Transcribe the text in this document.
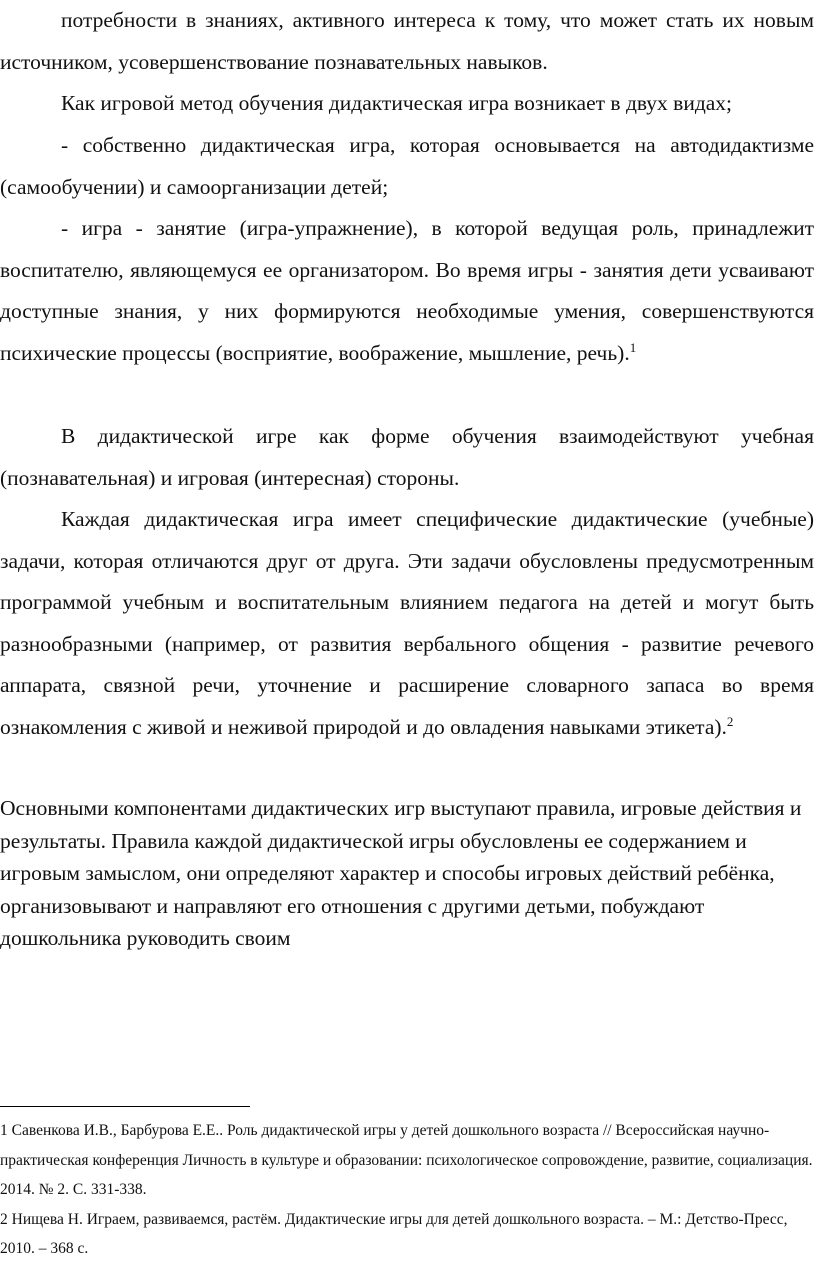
потребности в знаниях, активного интереса к тому, что может стать их новым источником, усовершенствование познавательных навыков.

Как игровой метод обучения дидактическая игра возникает в двух видах;

- собственно дидактическая игра, которая основывается на автодидактизме (самообучении) и самоорганизации детей;

- игра - занятие (игра-упражнение), в которой ведущая роль, принадлежит воспитателю, являющемуся ее организатором. Во время игры - занятия дети усваивают доступные знания, у них формируются необходимые умения, совершенствуются психические процессы (восприятие, воображение, мышление, речь).$^1$

В дидактической игре как форме обучения взаимодействуют учебная (познавательная) и игровая (интересная) стороны.

Каждая дидактическая игра имеет специфические дидактические (учебные) задачи, которая отличаются друг от друга. Эти задачи обусловлены предусмотренным программой учебным и воспитательным влиянием педагога на детей и могут быть разнообразными (например, от развития вербального общения - развитие речевого аппарата, связной речи, уточнение и расширение словарного запаса во время ознакомления с живой и неживой природой и до овладения навыками этикета).$^2$

Основными компонентами дидактических игр выступают правила, игровые действия и результаты. Правила каждой дидактической игры обусловлены ее содержанием и игровым замыслом, они определяют характер и способы игровых действий ребёнка, организовывают и направляют его отношения с другими детьми, побуждают дошкольника руководить своим

1 Савенкова И.В., Барбурова Е.Е.. Роль дидактической игры у детей дошкольного возраста // Всероссийская научно-практическая конференция Личность в культуре и образовании: психологическое сопровождение, развитие, социализация. 2014. № 2. С. 331-338.

2 Нищева Н. Играем, развиваемся, растём. Дидактические игры для детей дошкольного возраста. – М.: Детство-Пресс, 2010. – 368 с.
